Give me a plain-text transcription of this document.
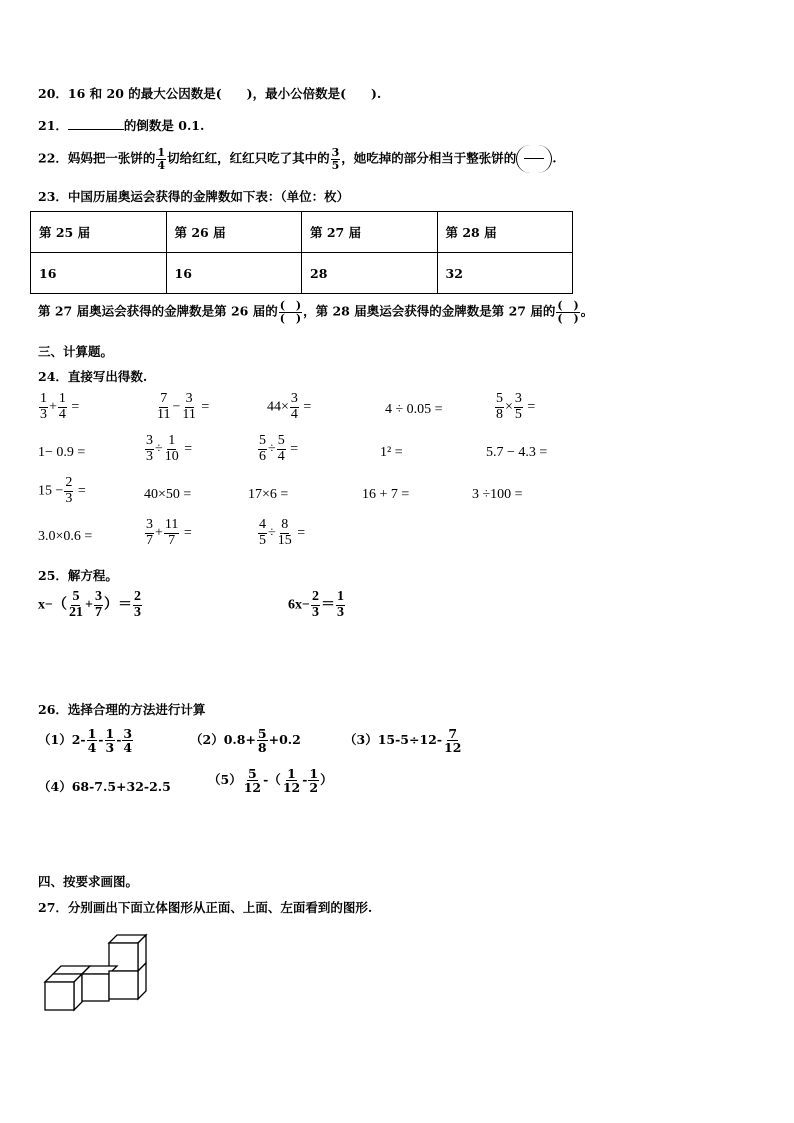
20．16 和 20 的最大公因数是(　　)，最小公倍数是(　　).
21．	的倒数是 0.1.
22．妈妈把一张饼的 $\frac{1}{4}$ 切给红红，红红只吃了其中的 $\frac{3}{5}$ ，她吃掉的部分相当于整张饼的	.
23．中国历届奥运会获得的金牌数如下表：（单位：枚）
第 25 届	第 26 届	第 27 届	第 28 届
16	16	28	32
第 27 届奥运会获得的金牌数是第 26 届的 $\frac{( )}{( )}$ ，第 28 届奥运会获得的金牌数是第 27 届的 $\frac{( )}{( )}$ 。
三、计算题。
24．直接写出得数.
$\frac{1}{3} + \frac{1}{4}$ =	$\frac{7}{11} - \frac{3}{11}$ =	$44\times \frac{3}{4}$ =	4 ÷ 0.05 =	$\frac{5}{8} \times \frac{3}{5}$ =
1− 0.9 =	$\frac{3}{3} \div \frac{1}{10}$ =	$\frac{5}{6} \div \frac{5}{4}$ =	1² =	5.7 − 4.3 =
$15 - \frac{2}{3}$ =	40×50 =	17×6 =	16 + 7 =	3 ÷100 =
3.0×0.6 =	$\frac{3}{7} + \frac{11}{7}$ =	$\frac{4}{5} \div \frac{8}{15}$ =
25．解方程。
$x-( \frac{5}{21} + \frac{3}{7}$ ）＝ $\frac{2}{3}$	$6x- \frac{2}{3} = \frac{1}{3}$
26．选择合理的方法进行计算
$(1)2- \frac{1}{4} - \frac{1}{3} - \frac{3}{4}$	$(2)0.8+ \frac{5}{8} +0.2$	$(3)15-5\div 12- \frac{7}{12}$
（4）68-7.5+32-2.5	$(5) \frac{5}{12}$ -（ $\frac{1}{12} - \frac{1}{2}$ ）
四、按要求画图。
27．分别画出下面立体图形从正面、上面、左面看到的图形.
